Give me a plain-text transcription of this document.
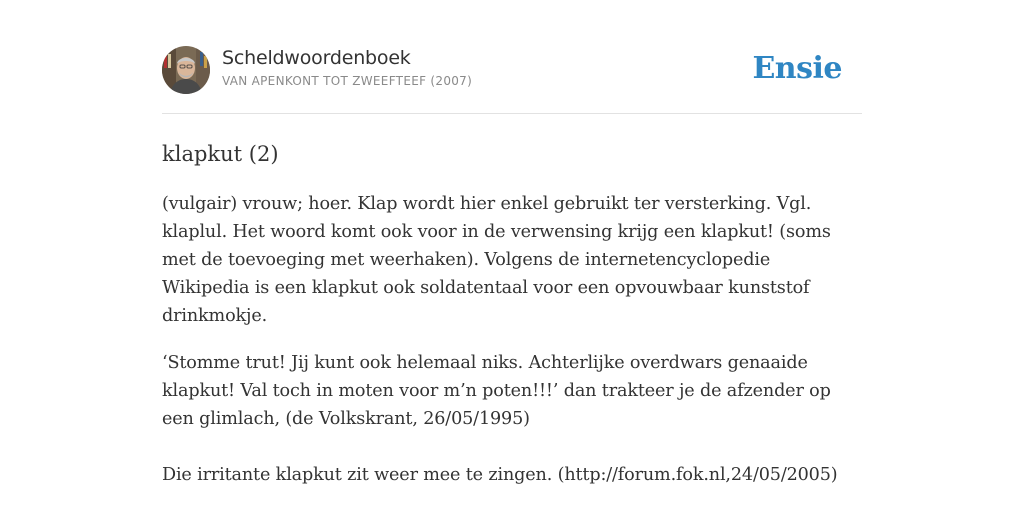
Scheldwoordenboek
VAN APENKONT TOT ZWEEFTEEF (2007)	Ensie
klapkut (2)
(vulgair) vrouw; hoer. Klap wordt hier enkel gebruikt ter versterking. Vgl. klaplul. Het woord komt ook voor in de verwensing krijg een klapkut! (soms met de toevoeging met weerhaken). Volgens de internetencyclopedie Wikipedia is een klapkut ook soldatentaal voor een opvouwbaar kunststof drinkmokje.
‘Stomme trut! Jij kunt ook helemaal niks. Achterlijke overdwars genaaide klapkut! Val toch in moten voor m’n poten!!!’ dan trakteer je de afzender op een glimlach, (de Volkskrant, 26/05/1995)
Die irritante klapkut zit weer mee te zingen. (http://forum.fok.nl,24/05/2005)
